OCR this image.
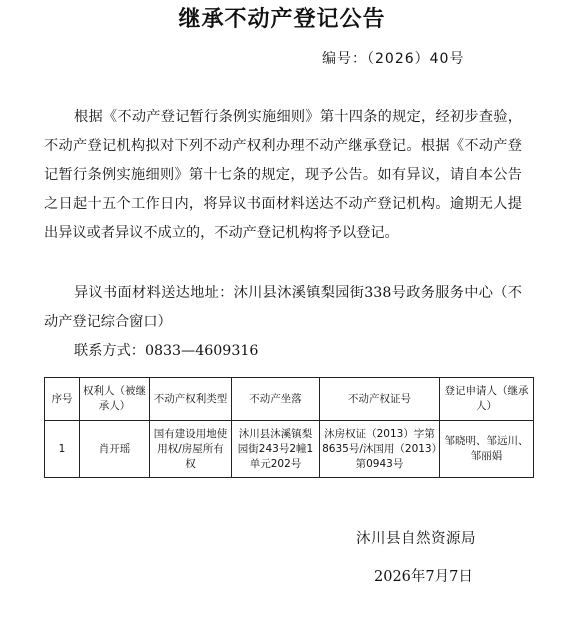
继承不动产登记公告
编号：（2026）40号

根据《不动产登记暂行条例实施细则》第十四条的规定，经初步查验，不动产登记机构拟对下列不动产权利办理不动产继承登记。根据《不动产登记暂行条例实施细则》第十七条的规定，现予公告。如有异议，请自本公告之日起十五个工作日内，将异议书面材料送达不动产登记机构。逾期无人提出异议或者异议不成立的，不动产登记机构将予以登记。

异议书面材料送达地址：沐川县沐溪镇梨园街338号政务服务中心（不动产登记综合窗口）

联系方式：0833—4609316

序号	权利人（被继承人）	不动产权利类型	不动产坐落	不动产权证号	登记申请人（继承人）
1	肖开瑶	国有建设用地使用权/房屋所有权	沐川县沐溪镇梨园街243号2幢1单元202号	沐房权证（2013）字第8635号/沐国用（2013）第0943号	邹晓明、邹远川、邹丽娟
沐川县自然资源局
2026年7月7日
